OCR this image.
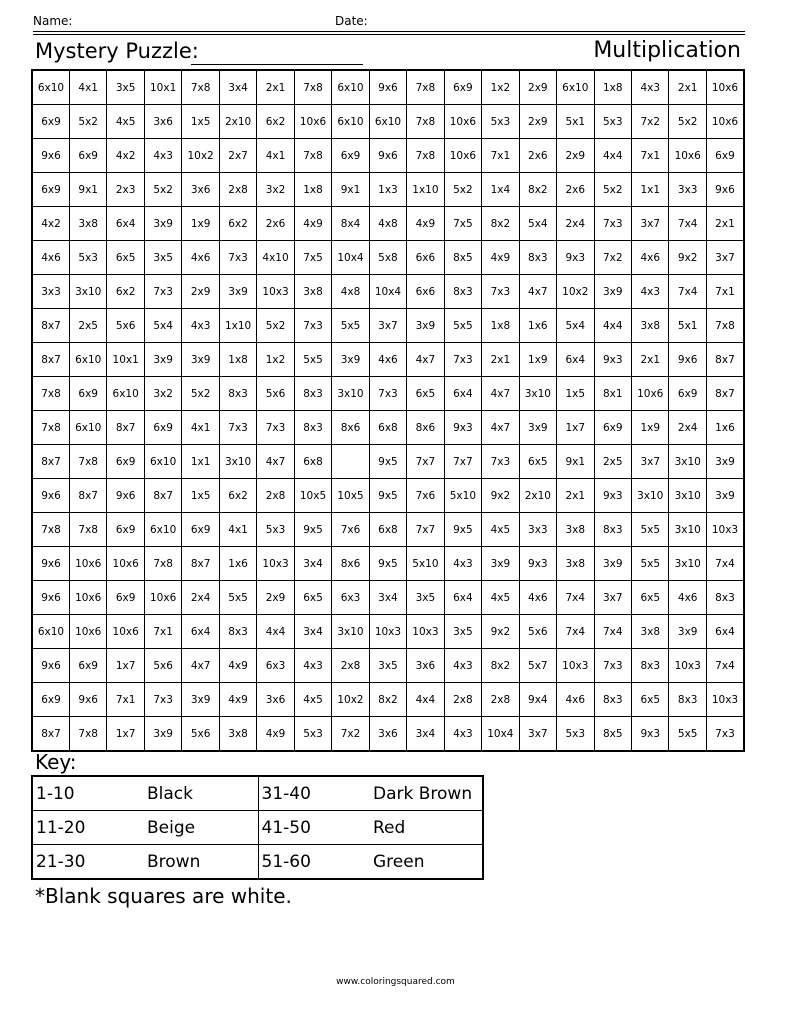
Name:	Date:
Mystery Puzzle:	Multiplication
6x10	4x1	3x5	10x1	7x8	3x4	2x1	7x8	6x10	9x6	7x8	6x9	1x2	2x9	6x10	1x8	4x3	2x1	10x6
6x9	5x2	4x5	3x6	1x5	2x10	6x2	10x6	6x10	6x10	7x8	10x6	5x3	2x9	5x1	5x3	7x2	5x2	10x6
9x6	6x9	4x2	4x3	10x2	2x7	4x1	7x8	6x9	9x6	7x8	10x6	7x1	2x6	2x9	4x4	7x1	10x6	6x9
6x9	9x1	2x3	5x2	3x6	2x8	3x2	1x8	9x1	1x3	1x10	5x2	1x4	8x2	2x6	5x2	1x1	3x3	9x6
4x2	3x8	6x4	3x9	1x9	6x2	2x6	4x9	8x4	4x8	4x9	7x5	8x2	5x4	2x4	7x3	3x7	7x4	2x1
4x6	5x3	6x5	3x5	4x6	7x3	4x10	7x5	10x4	5x8	6x6	8x5	4x9	8x3	9x3	7x2	4x6	9x2	3x7
3x3	3x10	6x2	7x3	2x9	3x9	10x3	3x8	4x8	10x4	6x6	8x3	7x3	4x7	10x2	3x9	4x3	7x4	7x1
8x7	2x5	5x6	5x4	4x3	1x10	5x2	7x3	5x5	3x7	3x9	5x5	1x8	1x6	5x4	4x4	3x8	5x1	7x8
8x7	6x10	10x1	3x9	3x9	1x8	1x2	5x5	3x9	4x6	4x7	7x3	2x1	1x9	6x4	9x3	2x1	9x6	8x7
7x8	6x9	6x10	3x2	5x2	8x3	5x6	8x3	3x10	7x3	6x5	6x4	4x7	3x10	1x5	8x1	10x6	6x9	8x7
7x8	6x10	8x7	6x9	4x1	7x3	7x3	8x3	8x6	6x8	8x6	9x3	4x7	3x9	1x7	6x9	1x9	2x4	1x6
8x7	7x8	6x9	6x10	1x1	3x10	4x7	6x8		9x5	7x7	7x7	7x3	6x5	9x1	2x5	3x7	3x10	3x9
9x6	8x7	9x6	8x7	1x5	6x2	2x8	10x5	10x5	9x5	7x6	5x10	9x2	2x10	2x1	9x3	3x10	3x10	3x9
7x8	7x8	6x9	6x10	6x9	4x1	5x3	9x5	7x6	6x8	7x7	9x5	4x5	3x3	3x8	8x3	5x5	3x10	10x3
9x6	10x6	10x6	7x8	8x7	1x6	10x3	3x4	8x6	9x5	5x10	4x3	3x9	9x3	3x8	3x9	5x5	3x10	7x4
9x6	10x6	6x9	10x6	2x4	5x5	2x9	6x5	6x3	3x4	3x5	6x4	4x5	4x6	7x4	3x7	6x5	4x6	8x3
6x10	10x6	10x6	7x1	6x4	8x3	4x4	3x4	3x10	10x3	10x3	3x5	9x2	5x6	7x4	7x4	3x8	3x9	6x4
9x6	6x9	1x7	5x6	4x7	4x9	6x3	4x3	2x8	3x5	3x6	4x3	8x2	5x7	10x3	7x3	8x3	10x3	7x4
6x9	9x6	7x1	7x3	3x9	4x9	3x6	4x5	10x2	8x2	4x4	2x8	2x8	9x4	4x6	8x3	6x5	8x3	10x3
8x7	7x8	1x7	3x9	5x6	3x8	4x9	5x3	7x2	3x6	3x4	4x3	10x4	3x7	5x3	8x5	9x3	5x5	7x3
Key:
1-10	Black	31-40	Dark Brown
11-20	Beige	41-50	Red
21-30	Brown	51-60	Green
*Blank squares are white.
www.coloringsquared.com
